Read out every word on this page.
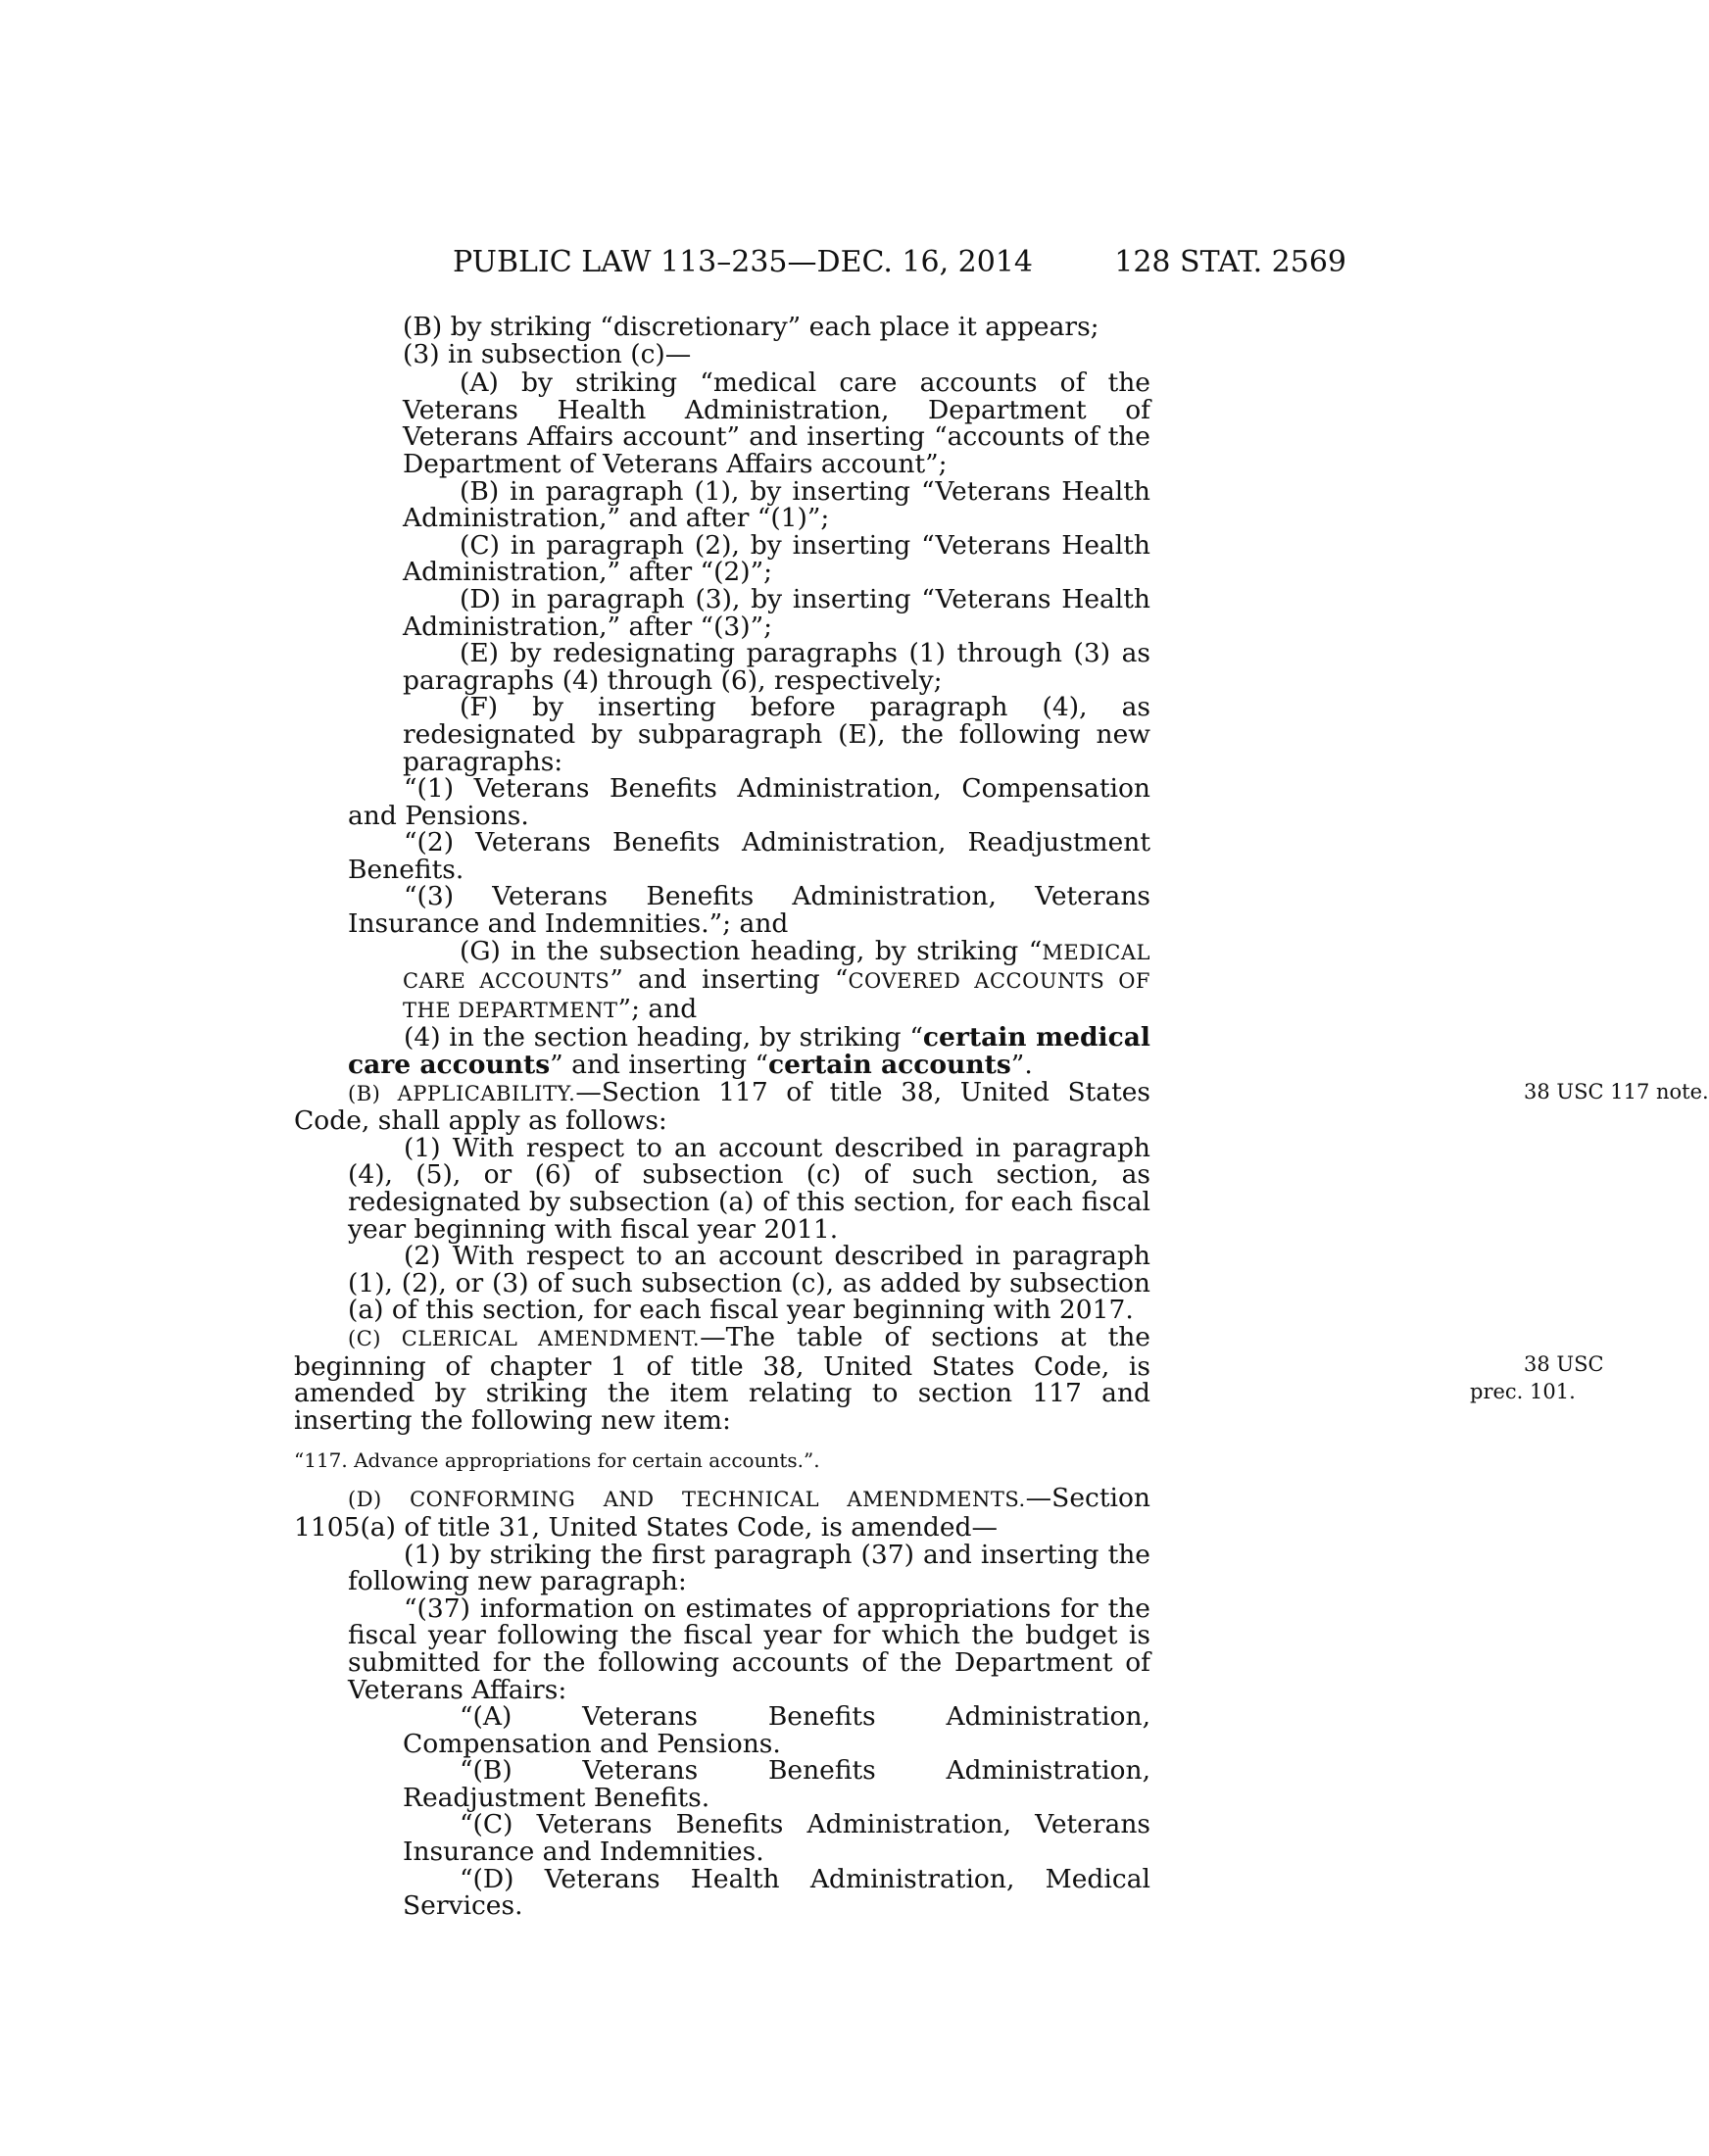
PUBLIC LAW 113–235—DEC. 16, 2014	128 STAT. 2569
(B) by striking “discretionary” each place it appears;
(3) in subsection (c)—
(A) by striking “medical care accounts of the Veterans Health Administration, Department of Veterans Affairs account” and inserting “accounts of the Department of Veterans Affairs account”;
(B) in paragraph (1), by inserting “Veterans Health Administration,” and after “(1)”;
(C) in paragraph (2), by inserting “Veterans Health Administration,” after “(2)”;
(D) in paragraph (3), by inserting “Veterans Health Administration,” after “(3)”;
(E) by redesignating paragraphs (1) through (3) as paragraphs (4) through (6), respectively;
(F) by inserting before paragraph (4), as redesignated by subparagraph (E), the following new paragraphs:
“(1) Veterans Benefits Administration, Compensation and Pensions.
“(2) Veterans Benefits Administration, Readjustment Benefits.
“(3) Veterans Benefits Administration, Veterans Insurance and Indemnities.”; and
(G) in the subsection heading, by striking “MEDICAL CARE ACCOUNTS” and inserting “COVERED ACCOUNTS OF THE DEPARTMENT”; and
(4) in the section heading, by striking “certain medical care accounts” and inserting “certain accounts”.
(B) APPLICABILITY.—Section 117 of title 38, United States Code, shall apply as follows:
38 USC 117 note.
(1) With respect to an account described in paragraph (4), (5), or (6) of subsection (c) of such section, as redesignated by subsection (a) of this section, for each fiscal year beginning with fiscal year 2011.
(2) With respect to an account described in paragraph (1), (2), or (3) of such subsection (c), as added by subsection (a) of this section, for each fiscal year beginning with 2017.
(C) CLERICAL AMENDMENT.—The table of sections at the beginning of chapter 1 of title 38, United States Code, is amended by striking the item relating to section 117 and inserting the following new item:
38 USC
prec. 101.
“117. Advance appropriations for certain accounts.”.
(D) CONFORMING AND TECHNICAL AMENDMENTS.—Section 1105(a) of title 31, United States Code, is amended—
(1) by striking the first paragraph (37) and inserting the following new paragraph:
“(37) information on estimates of appropriations for the fiscal year following the fiscal year for which the budget is submitted for the following accounts of the Department of Veterans Affairs:
“(A) Veterans Benefits Administration, Compensation and Pensions.
“(B) Veterans Benefits Administration, Readjustment Benefits.
“(C) Veterans Benefits Administration, Veterans Insurance and Indemnities.
“(D) Veterans Health Administration, Medical Services.
